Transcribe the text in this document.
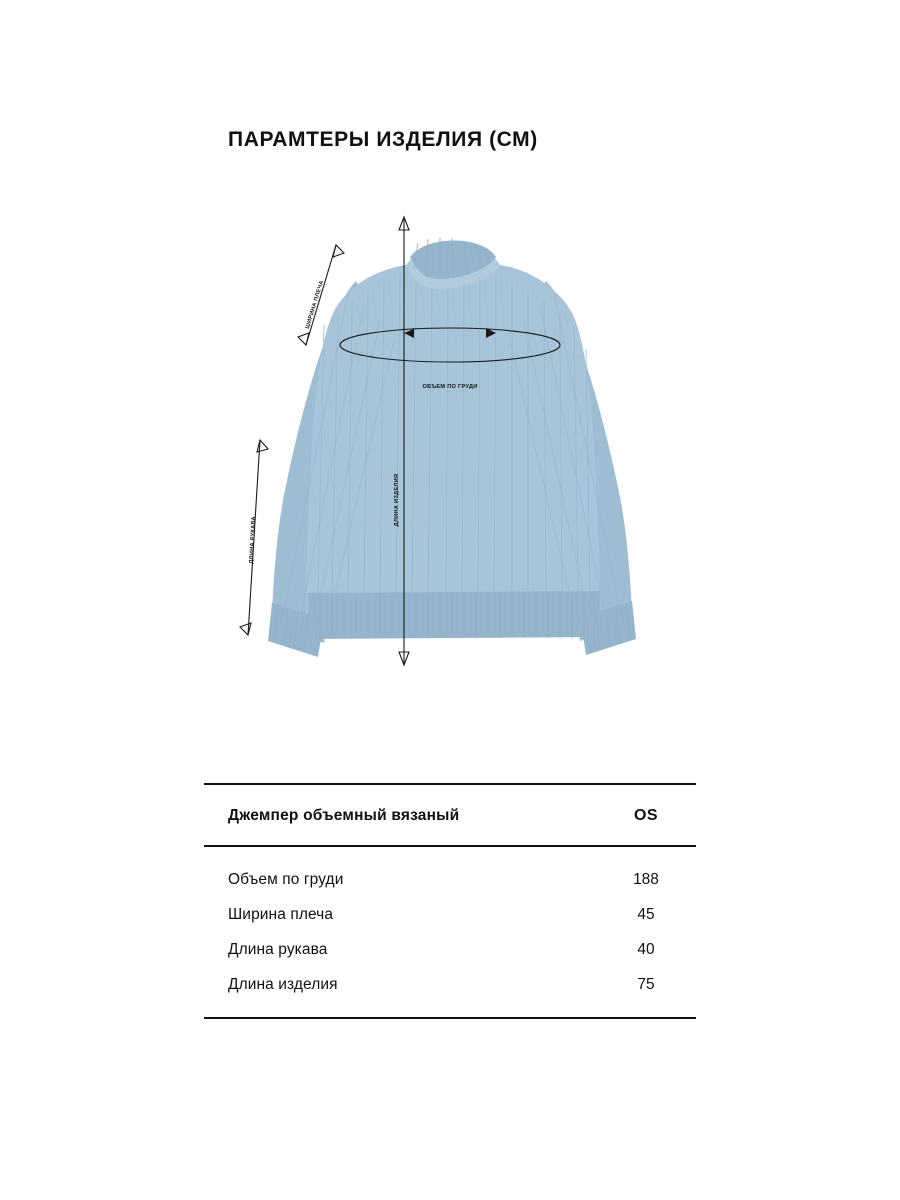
ПАРАМТЕРЫ ИЗДЕЛИЯ (СМ)
ШИРИНА ПЛЕЧА
ОБЪЕМ ПО ГРУДИ
ДЛИНА РУКАВА
ДЛИНА ИЗДЕЛИЯ
Джемпер объемный вязаный	OS
Объем по груди	188
Ширина плеча	45
Длина рукава	40
Длина изделия	75
